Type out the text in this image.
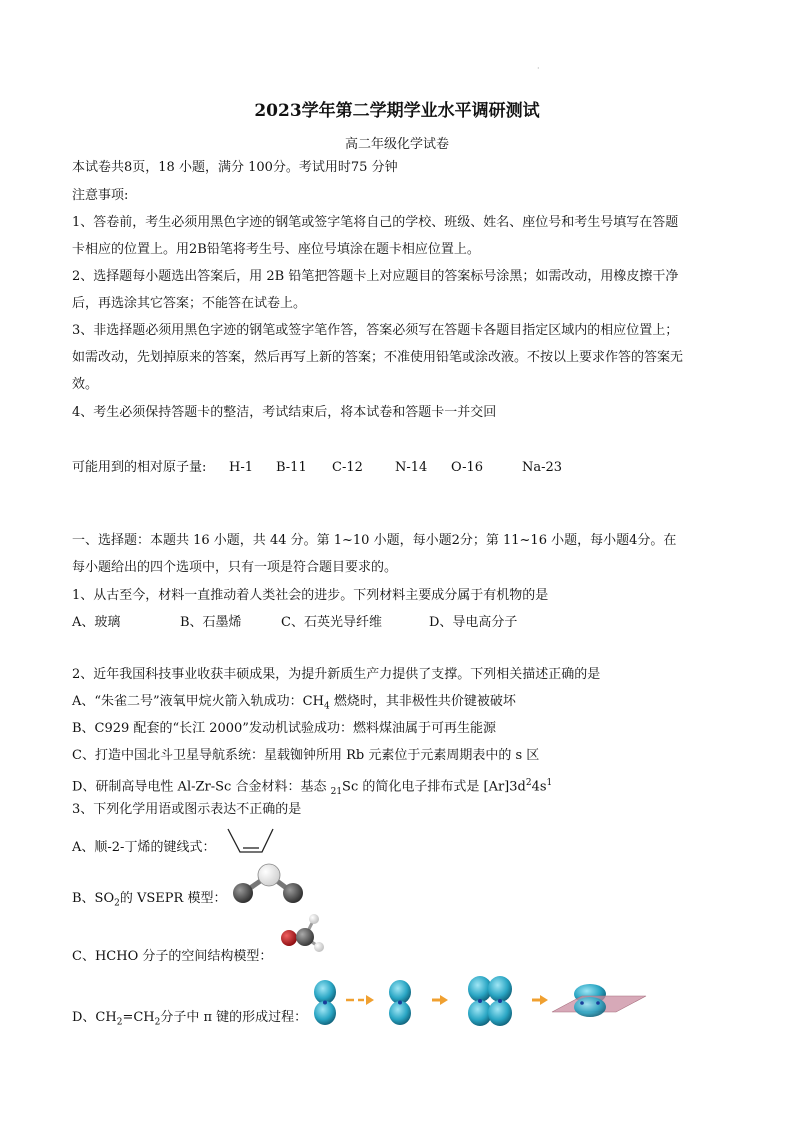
·
2023学年第二学期学业水平调研测试
高二年级化学试卷
本试卷共8页，18 小题，满分 100分。考试用时75 分钟
注意事项:
1、答卷前，考生必须用黑色字迹的钢笔或签字笔将自己的学校、班级、姓名、座位号和考生号填写在答题
卡相应的位置上。用2B铅笔将考生号、座位号填涂在题卡相应位置上。
2、选择题每小题选出答案后，用 2B 铅笔把答题卡上对应题目的答案标号涂黑；如需改动，用橡皮擦干净
后，再选涂其它答案；不能答在试卷上。
3、非选择题必须用黑色字迹的钢笔或签字笔作答，答案必须写在答题卡各题目指定区域内的相应位置上；
如需改动，先划掉原来的答案，然后再写上新的答案；不准使用铅笔或涂改液。不按以上要求作答的答案无
效。
4、考生必须保持答题卡的整洁，考试结束后，将本试卷和答题卡一并交回
可能用到的相对原子量: H-1 B-11 C-12 N-14 O-16	Na-23
一、选择题：本题共 16 小题，共 44 分。第 1~10 小题，每小题2分；第 11~16 小题，每小题4分。在
每小题给出的四个选项中，只有一项是符合题目要求的。
1、从古至今，材料一直推动着人类社会的进步。下列材料主要成分属于有机物的是
A、玻璃	B、石墨烯	C、石英光导纤维	D、导电高分子
2、近年我国科技事业收获丰硕成果，为提升新质生产力提供了支撑。下列相关描述正确的是
A、“朱雀二号”液氧甲烷火箭入轨成功：$CH_4$ 燃烧时，其非极性共价键被破坏
B、C929 配套的“长江 2000”发动机试验成功：燃料煤油属于可再生能源
C、打造中国北斗卫星导航系统：星载铷钟所用 Rb 元素位于元素周期表中的 s 区
D、研制高导电性 Al-Zr-Sc 合金材料：基态 $_{21}$Sc 的简化电子排布式是 $[Ar]3d^24s^1$
3、下列化学用语或图示表达不正确的是
A、顺-2-丁烯的键线式：
B、$SO_2$的 VSEPR 模型：
C、HCHO 分子的空间结构模型：
D、$CH_2=CH_2$分子中 π 键的形成过程：
